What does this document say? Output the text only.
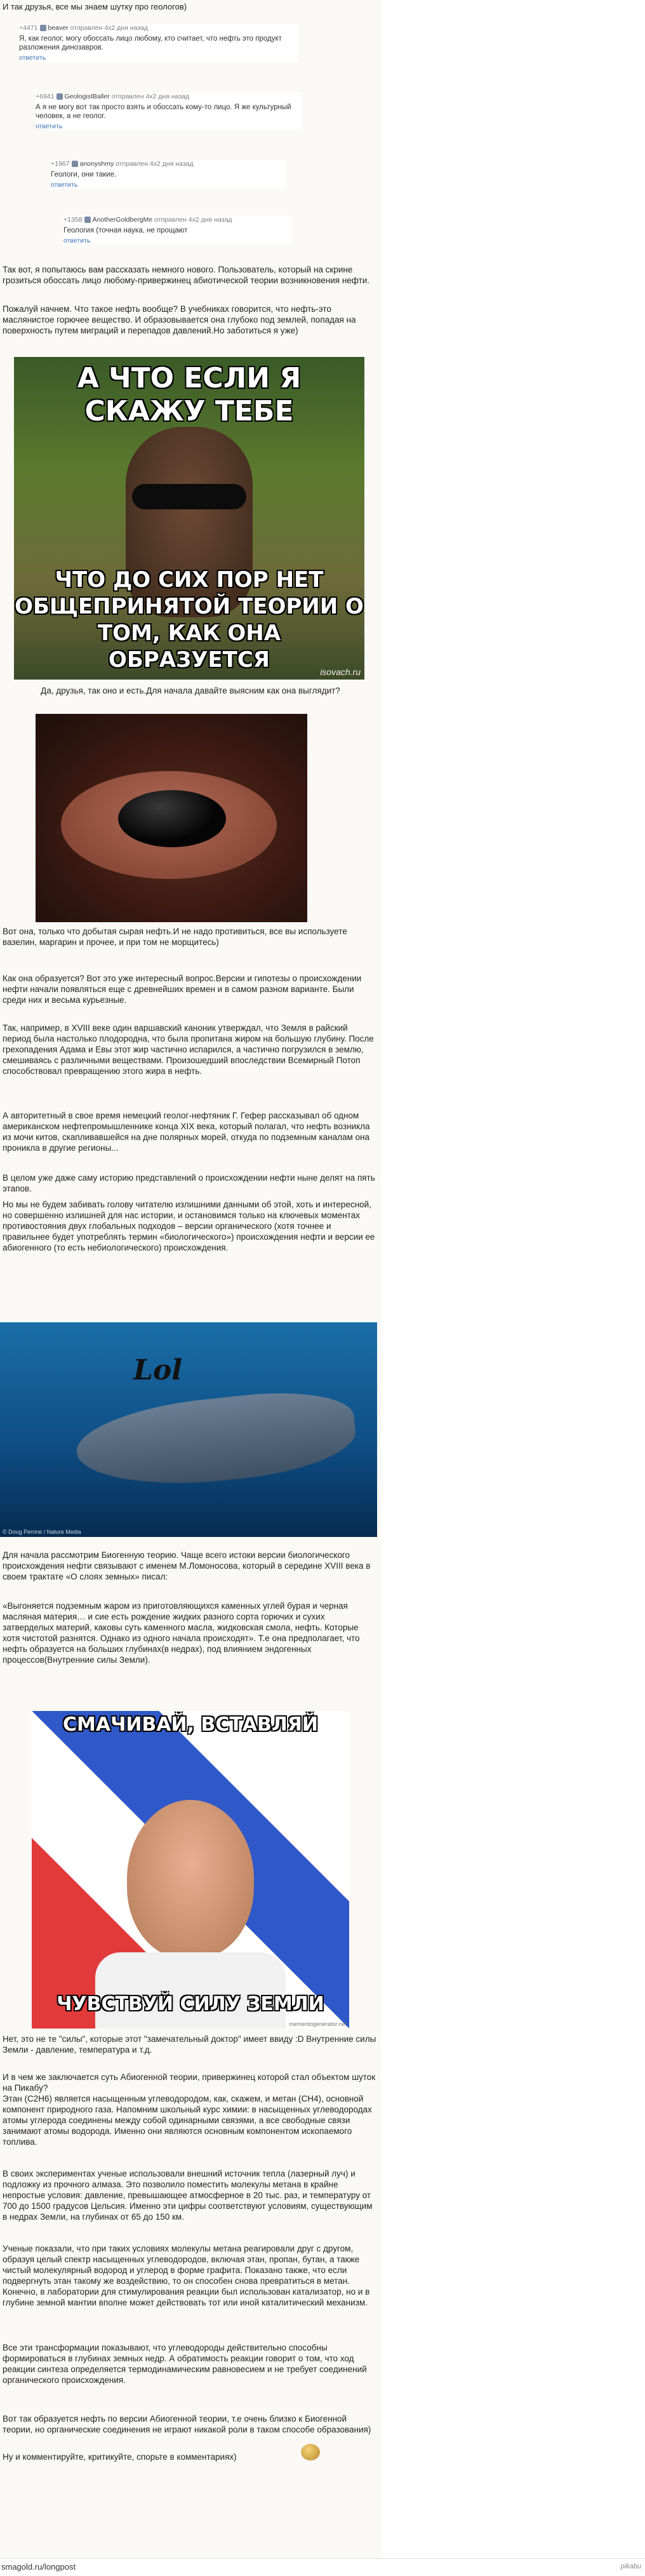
И так друзья, все мы знаем шутку про геологов)
+4471 beaver отправлен 4х2 дня назад
Я, как геолог, могу обоссать лицо любому, кто считает, что нефть это продукт разложения динозавров.
ответить
+6941 GeologistBaller отправлен 4х2 дня назад
А я не могу вот так просто взять и обоссать кому-то лицо. Я же культурный человек, а не геолог.
ответить
+1967 anonyshmy отправлен 4х2 дня назад
Геологи, они такие.
ответить
+1358 AnotherGoldbergMe отправлен 4х2 дня назад
Геология (точная наука, не прощают
ответить
Так вот, я попытаюсь вам рассказать немного нового. Пользователь, который на скрине грозиться обоссать лицо любому-привержинец абиотической теории возникновения нефти.
Пожалуй начнем. Что такое нефть вообще? В учебниках говорится, что нефть-это маслянистое горючее вещество. И образовывается она глубоко под землей, попадая на поверхность путем миграций и перепадов давлений.Но заботиться я уже)
А ЧТО ЕСЛИ Я СКАЖУ ТЕБЕ
ЧТО ДО СИХ ПОР НЕТ ОБЩЕПРИНЯТОЙ ТЕОРИИ О ТОМ, КАК ОНА ОБРАЗУЕТСЯ	isovach.ru
Да, друзья, так оно и есть.Для начала давайте выясним как она выглядит?
Вот она, только что добытая сырая нефть.И не надо противиться, все вы используете вазелин, маргарин и прочее, и при том не морщитесь)
Как она образуется? Вот это уже интересный вопрос.Версии и гипотезы о происхождении нефти начали появляться еще с древнейших времен и в самом разном варианте. Были среди них и весьма курьезные.
Так, например, в XVIII веке один варшавский каноник утверждал, что Земля в райский период была настолько плодородна, что была пропитана жиром на большую глубину. После грехопадения Адама и Евы этот жир частично испарился, а частично погрузился в землю, смешиваясь с различными веществами. Произошедший впоследствии Всемирный Потоп способствовал превращению этого жира в нефть.
А авторитетный в свое время немецкий геолог-нефтяник Г. Гефер рассказывал об одном американском нефтепромышленнике конца XIX века, который полагал, что нефть возникла из мочи китов, скапливавшейся на дне полярных морей, откуда по подземным каналам она проникла в другие регионы...
В целом уже даже саму историю представлений о происхождении нефти ныне делят на пять этапов.
Но мы не будем забивать голову читателю излишними данными об этой, хоть и интересной, но совершенно излишней для нас истории, и остановимся только на ключевых моментах противостояния двух глобальных подходов – версии органического (хотя точнее и правильнее будет употреблять термин «биологического») происхождения нефти и версии ее абиогенного (то есть небиологического) происхождения.
Lol
© Doug Perrine / Nature Media
Для начала рассмотрим Биогенную теорию. Чаще всего истоки версии биологического происхождения нефти связывают с именем М.Ломоносова, который в середине XVIII века в своем трактате «О слоях земных» писал:
«Выгоняется подземным жаром из приготовляющихся каменных углей бурая и черная масляная материя… и сие есть рождение жидких разного сорта горючих и сухих затверделых материй, каковы суть каменного масла, жидковская смола, нефть. Которые хотя чистотой разнятся. Однако из одного начала происходят». Т.е она предполагает, что нефть образуется на больших глубинах(в недрах), под влиянием эндогенных процессов(Внутренние силы Земли).
СМАЧИВАЙ, ВСТАВЛЯЙ
ЧУВСТВУЙ СИЛУ ЗЕМЛИ
mementogenerator.net
Нет, это не те "силы", которые этот "замечательный доктор" имеет ввиду :D Внутренние силы Земли - давление, температура и т.д.
И в чем же заключается суть Абиогенной теории, привержинец которой стал объектом шуток на Пикабу?
Этан (C2H6) является насыщенным углеводородом, как, скажем, и метан (CH4), основной компонент природного газа. Напомним школьный курс химии: в насыщенных углеводородах атомы углерода соединены между собой одинарными связями, а все свободные связи занимают атомы водорода. Именно они являются основным компонентом ископаемого топлива.
В своих экспериментах ученые использовали внешний источник тепла (лазерный луч) и подложку из прочного алмаза. Это позволило поместить молекулы метана в крайне непростые условия: давление, превышающее атмосферное в 20 тыс. раз, и температуру от 700 до 1500 градусов Цельсия. Именно эти цифры соответствуют условиям, существующим в недрах Земли, на глубинах от 65 до 150 км.
Ученые показали, что при таких условиях молекулы метана реагировали друг с другом, образуя целый спектр насыщенных углеводородов, включая этан, пропан, бутан, а также чистый молекулярный водород и углерод в форме графита. Показано также, что если подвергнуть этан такому же воздействию, то он способен снова превратиться в метан. Конечно, в лаборатории для стимулирования реакции был использован катализатор, но и в глубине земной мантии вполне может действовать тот или иной каталитический механизм.
Все эти трансформации показывают, что углеводороды действительно способны формироваться в глубинах земных недр. А обратимость реакции говорит о том, что ход реакции синтеза определяется термодинамическим равновесием и не требует соединений органического происхождения.
Вот так образуется нефть по версии Абиогенной теории, т.е очень близко к Биогенной теории, но органические соединения не играют никакой роли в таком способе образования)
Ну и комментируйте, критикуйте, спорьте в комментариях)
smagold.ru/longpost	pikabu
